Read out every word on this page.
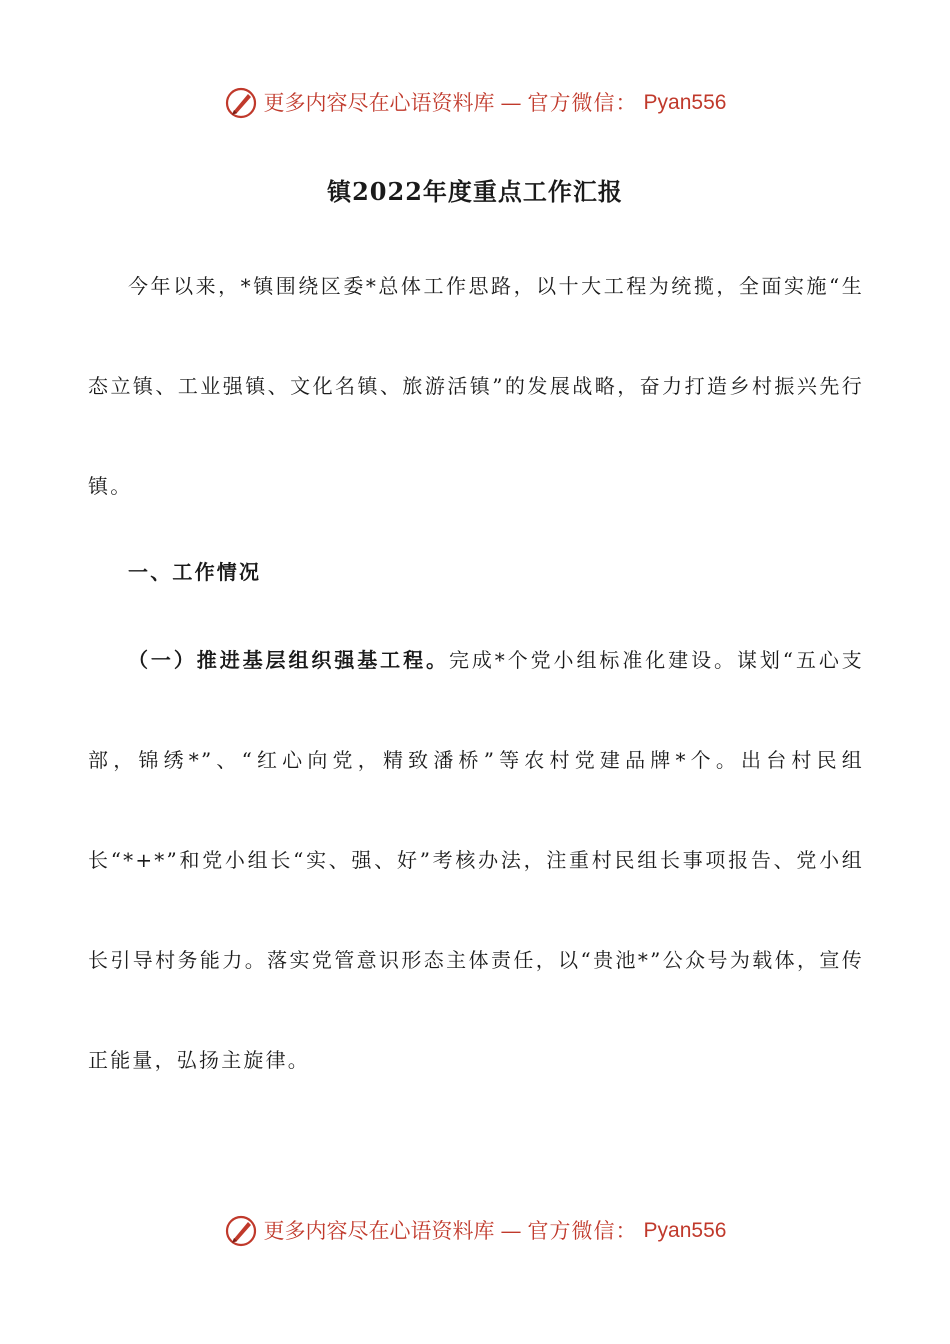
更多内容尽在心语资料库 — 官方微信： Pyan556
镇2022年度重点工作汇报

今年以来，*镇围绕区委*总体工作思路，以十大工程为统揽，全面实施“生态立镇、工业强镇、文化名镇、旅游活镇”的发展战略，奋力打造乡村振兴先行镇。

一、工作情况

（一）推进基层组织强基工程。完成*个党小组标准化建设。谋划“五心支部，锦绣*”、“红心向党，精致潘桥”等农村党建品牌*个。出台村民组长“*+*”和党小组长“实、强、好”考核办法，注重村民组长事项报告、党小组长引导村务能力。落实党管意识形态主体责任，以“贵池*”公众号为载体，宣传正能量，弘扬主旋律。

更多内容尽在心语资料库 — 官方微信： Pyan556
